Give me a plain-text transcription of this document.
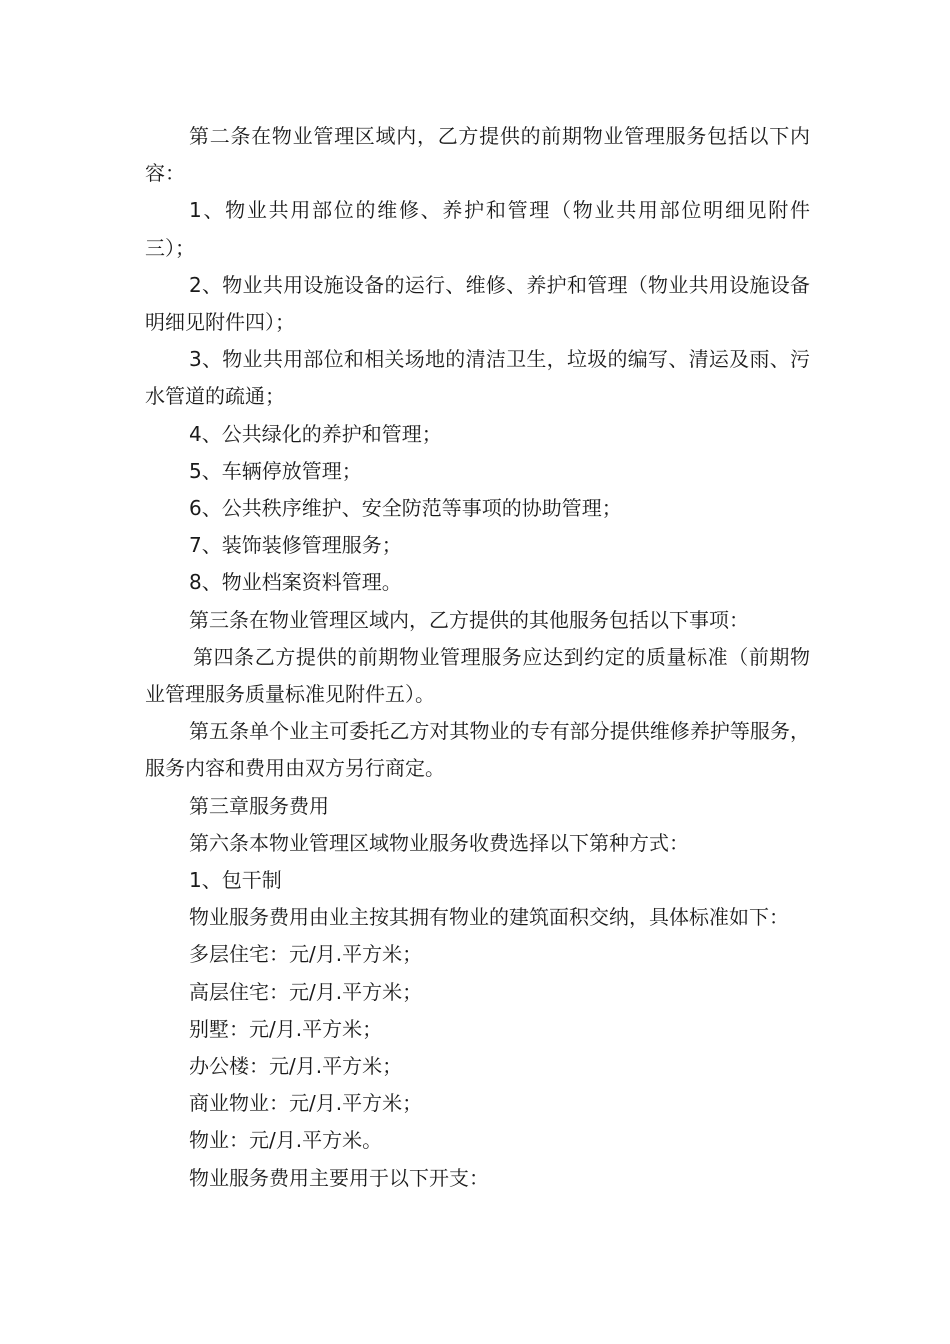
第二条在物业管理区域内，乙方提供的前期物业管理服务包括以下内容：

1、物业共用部位的维修、养护和管理（物业共用部位明细见附件三）；

2、物业共用设施设备的运行、维修、养护和管理（物业共用设施设备明细见附件四）；

3、物业共用部位和相关场地的清洁卫生，垃圾的编写、清运及雨、污水管道的疏通；

4、公共绿化的养护和管理；

5、车辆停放管理；

6、公共秩序维护、安全防范等事项的协助管理；

7、装饰装修管理服务；

8、物业档案资料管理。

第三条在物业管理区域内，乙方提供的其他服务包括以下事项：

第四条乙方提供的前期物业管理服务应达到约定的质量标准（前期物业管理服务质量标准见附件五）。

第五条单个业主可委托乙方对其物业的专有部分提供维修养护等服务，服务内容和费用由双方另行商定。

第三章服务费用

第六条本物业管理区域物业服务收费选择以下第种方式：

1、包干制

物业服务费用由业主按其拥有物业的建筑面积交纳，具体标准如下：

多层住宅：元/月.平方米；

高层住宅：元/月.平方米；

别墅：元/月.平方米；

办公楼：元/月.平方米；

商业物业：元/月.平方米；

物业：元/月.平方米。

物业服务费用主要用于以下开支：
